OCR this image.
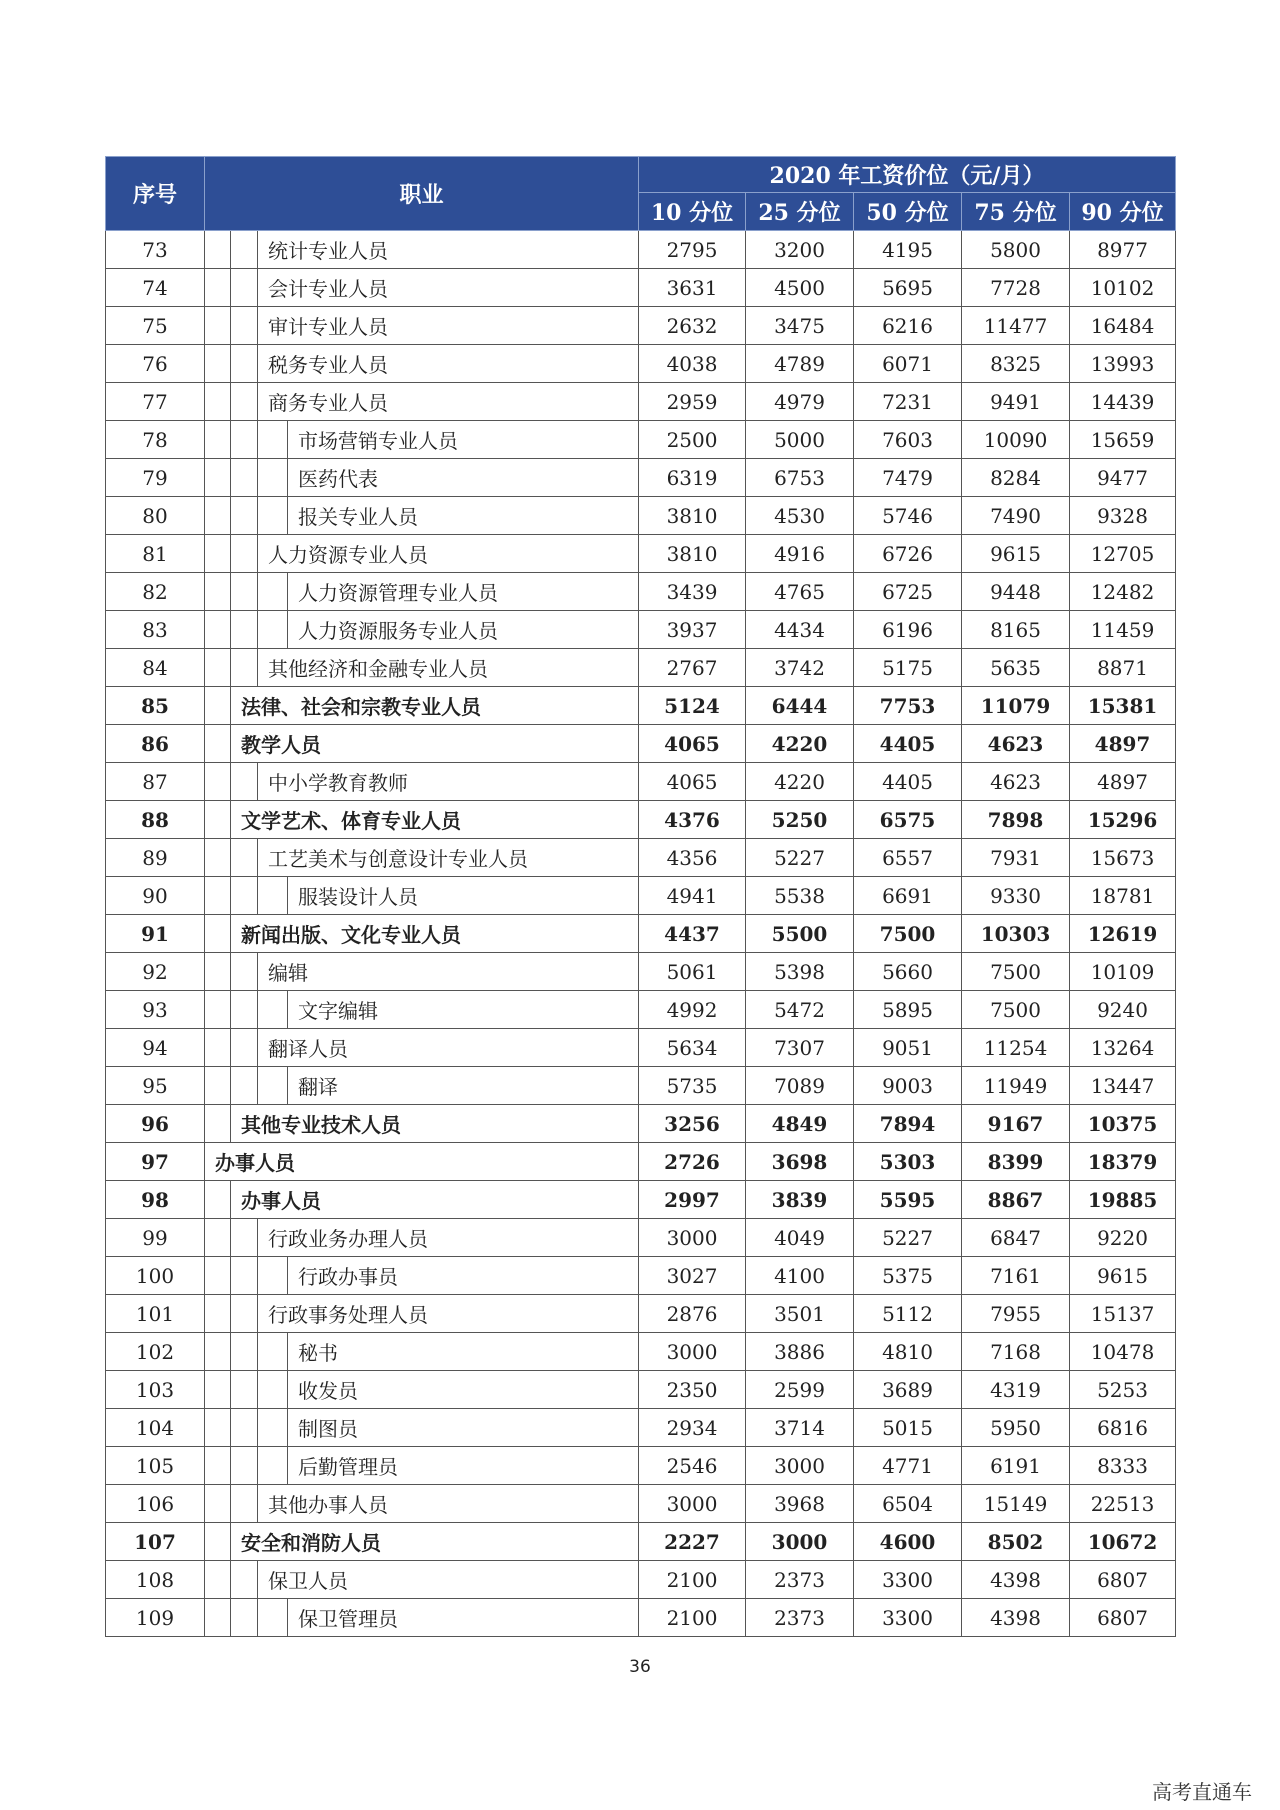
序号	职业				2020 年工资价位（元/月）				
					10 分位	25 分位	50 分位	75 分位	90 分位
73			统计专业人员		2795	3200	4195	5800	8977
74			会计专业人员		3631	4500	5695	7728	10102
75			审计专业人员		2632	3475	6216	11477	16484
76			税务专业人员		4038	4789	6071	8325	13993
77			商务专业人员		2959	4979	7231	9491	14439
78				市场营销专业人员	2500	5000	7603	10090	15659
79				医药代表	6319	6753	7479	8284	9477
80				报关专业人员	3810	4530	5746	7490	9328
81			人力资源专业人员		3810	4916	6726	9615	12705
82				人力资源管理专业人员	3439	4765	6725	9448	12482
83				人力资源服务专业人员	3937	4434	6196	8165	11459
84			其他经济和金融专业人员		2767	3742	5175	5635	8871
85		法律、社会和宗教专业人员			5124	6444	7753	11079	15381
86		教学人员			4065	4220	4405	4623	4897
87			中小学教育教师		4065	4220	4405	4623	4897
88		文学艺术、体育专业人员			4376	5250	6575	7898	15296
89			工艺美术与创意设计专业人员		4356	5227	6557	7931	15673
90				服装设计人员	4941	5538	6691	9330	18781
91		新闻出版、文化专业人员			4437	5500	7500	10303	12619
92			编辑		5061	5398	5660	7500	10109
93				文字编辑	4992	5472	5895	7500	9240
94			翻译人员		5634	7307	9051	11254	13264
95				翻译	5735	7089	9003	11949	13447
96		其他专业技术人员			3256	4849	7894	9167	10375
97	办事人员				2726	3698	5303	8399	18379
98		办事人员			2997	3839	5595	8867	19885
99			行政业务办理人员		3000	4049	5227	6847	9220
100				行政办事员	3027	4100	5375	7161	9615
101			行政事务处理人员		2876	3501	5112	7955	15137
102				秘书	3000	3886	4810	7168	10478
103				收发员	2350	2599	3689	4319	5253
104				制图员	2934	3714	5015	5950	6816
105				后勤管理员	2546	3000	4771	6191	8333
106			其他办事人员		3000	3968	6504	15149	22513
107		安全和消防人员			2227	3000	4600	8502	10672
108			保卫人员		2100	2373	3300	4398	6807
109				保卫管理员	2100	2373	3300	4398	6807
36
高考直通车
